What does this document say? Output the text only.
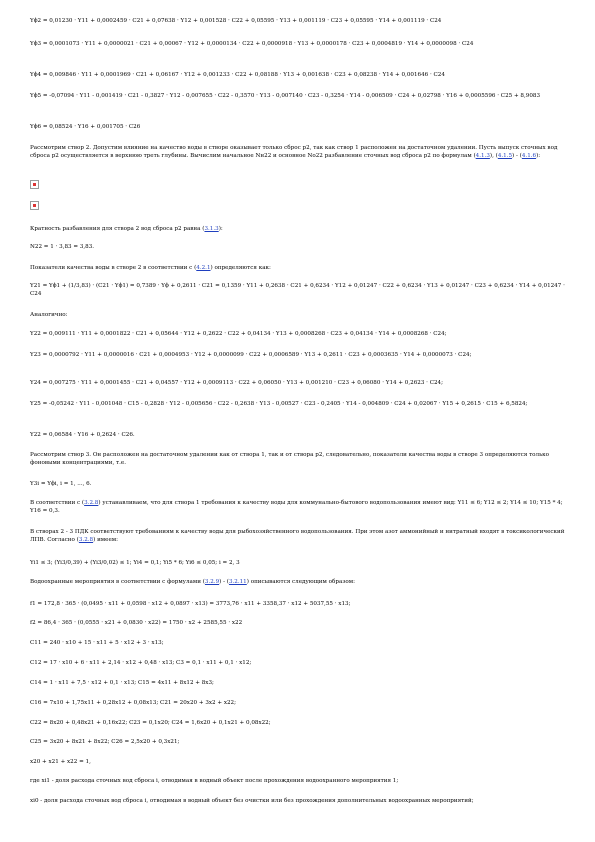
Yϕ2 = 0,01230 · Y11 + 0,0002459 · C21 + 0,07638 · Y12 + 0,001528 · C22 + 0,05595 · Y13 + 0,001119 · C23 + 0,05595 · Y14 + 0,001119 · C24

Yϕ3 = 0,0001073 · Y11 + 0,0000021 · C21 + 0,00067 · Y12 + 0,0000134 · C22 + 0,0000918 · Y13 + 0,0000178 · C23 + 0,0004819 · Y14 + 0,0000098 · C24

Yϕ4 = 0,009846 · Y11 + 0,0001969 · C21 + 0,06167 · Y12 + 0,001233 · C22 + 0,08188 · Y13 + 0,001638 · C23 + 0,08238 · Y14 + 0,001646 · C24

Yϕ5 = -0,07094 · Y11 - 0,001419 · C21 - 0,3827 · Y12 - 0,007655 · C22 - 0,3570 · Y13 - 0,007140 · C23 - 0,3254 · Y14 - 0,006509 · C24 + 0,02798 · Y16 + 0,0005596 · C25 + 8,9083

Yϕ6 = 0,08524 · Y16 + 0,001705 · C26

Рассмотрим створ 2. Допустим влияние на качество воды в створе оказывает только сброс p2, так как створ 1 расположен на достаточном удалении. Пусть выпуск сточных вод сброса p2 осуществляется в верхнюю треть глубины. Вычислим начальное Nн22 и основное Nо22 разбавление сточных вод сброса p2 по формулам (4.1.3), (4.1.5) - (4.1.6):

Кратность разбавления для створа 2 вод сброса p2 равна (3.1.3):

N22 = 1 · 3,83 = 3,83.

Показатели качества воды в створе 2 в соответствии с (4.2.1) определяются как:

Y21 = Yϕ1 + (1/3,83) · (C21 · Yϕ1) = 0,7389 · Yϕ + 0,2611 · C21 = 0,1359 · Y11 + 0,2638 · C21 + 0,6234 · Y12 + 0,01247 · C22 + 0,6234 · Y13 + 0,01247 · C23 + 0,6234 · Y14 + 0,01247 · C24

Аналогично:

Y22 = 0,009111 · Y11 + 0,0001822 · C21 + 0,05644 · Y12 + 0,2622 · C22 + 0,04134 · Y13 + 0,0008268 · C23 + 0,04134 · Y14 + 0,0008268 · C24;

Y23 = 0,0000792 · Y11 + 0,0000016 · C21 + 0,0004953 · Y12 + 0,0000099 · C22 + 0,0006589 · Y13 + 0,2611 · C23 + 0,0003635 · Y14 + 0,0000073 · C24;

Y24 = 0,007275 · Y11 + 0,0001455 · C21 + 0,04557 · Y12 + 0,0009113 · C22 + 0,06050 · Y13 + 0,001210 · C23 + 0,06080 · Y14 + 0,2623 · C24;

Y25 = -0,05242 · Y11 - 0,001048 · C15 - 0,2828 · Y12 - 0,005656 · C22 - 0,2638 · Y13 - 0,00527 · C23 - 0,2405 · Y14 - 0,004809 · C24 + 0,02067 · Y15 + 0,2615 · C15 + 6,5824;

Y22 = 0,06584 · Y16 + 0,2624 · C26.

Рассмотрим створ 3. Он расположен на достаточном удалении как от створа 1, так и от створа p2, следовательно, показатели качества воды в створе 3 определяются только фоновыми концентрациями, т.е.

Y3i = Yϕi, i = 1, ..., 6.

В соответствии с (3.2.8) устанавливаем, что для створа 1 требования к качеству воды для коммунально-бытового водопользования имеют вид: Y11 ≤ 6; Y12 ≤ 2; Y14 ≤ 10; Y15 * 4; Y16 = 0,3.

В створах 2 - 3 ПДК соответствуют требованиям к качеству воды для рыбохозяйственного водопользования. При этом азот аммонийный и нитратный входят в токсикологический ЛПВ. Согласно (3.2.8) имеем:

Yi1 ≤ 3; (Yi3/0,39) + (Yi3/0,02) ≤ 1; Yi4 = 0,1; Yi5 * 6; Yi6 ≤ 0,05; i = 2, 3

Водоохранные мероприятия в соответствии с формулами (3.2.9) - (3.2.11) описываются следующим образом:

f1 = 172,8 · 365 · (0,0495 · x11 + 0,0598 · x12 + 0,0897 · x13) = 3773,76 · x11 + 3358,37 · x12 + 5037,55 · x13;

f2 = 86,4 · 365 · (0,0555 · x21 + 0,0830 · x22) = 1750 · x2 + 2585,55 · x22

C11 = 240 · x10 + 15 · x11 + 5 · x12 + 3 · x13;

C12 = 17 · x10 + 6 · x11 + 2,14 · x12 + 0,48 · x13; C3 = 0,1 · x11 + 0,1 · x12;

C14 = 1 · x11 + 7,5 · x12 + 0,1 · x13; C15 = 4x11 + 8x12 + 8x3;

C16 = 7x10 + 1,75x11 + 0,28x12 + 0,08x13; C21 = 20x20 + 3x2 + x22;

C22 = 8x20 + 0,48x21 + 0,16x22; C23 = 0,1x20; C24 = 1,6x20 + 0,1x21 + 0,08x22;

C25 = 3x20 + 8x21 + 8x22; C26 = 2,5x20 + 0,3x21;

x20 + x21 + x22 = 1,

где xi1 - доля расхода сточных вод сброса i, отводимая в водный объект после прохождения водоохранного мероприятия 1;

xi0 - доля расхода сточных вод сброса i, отводимая в водный объект без очистки или без прохождения дополнительных водоохранных мероприятий;
